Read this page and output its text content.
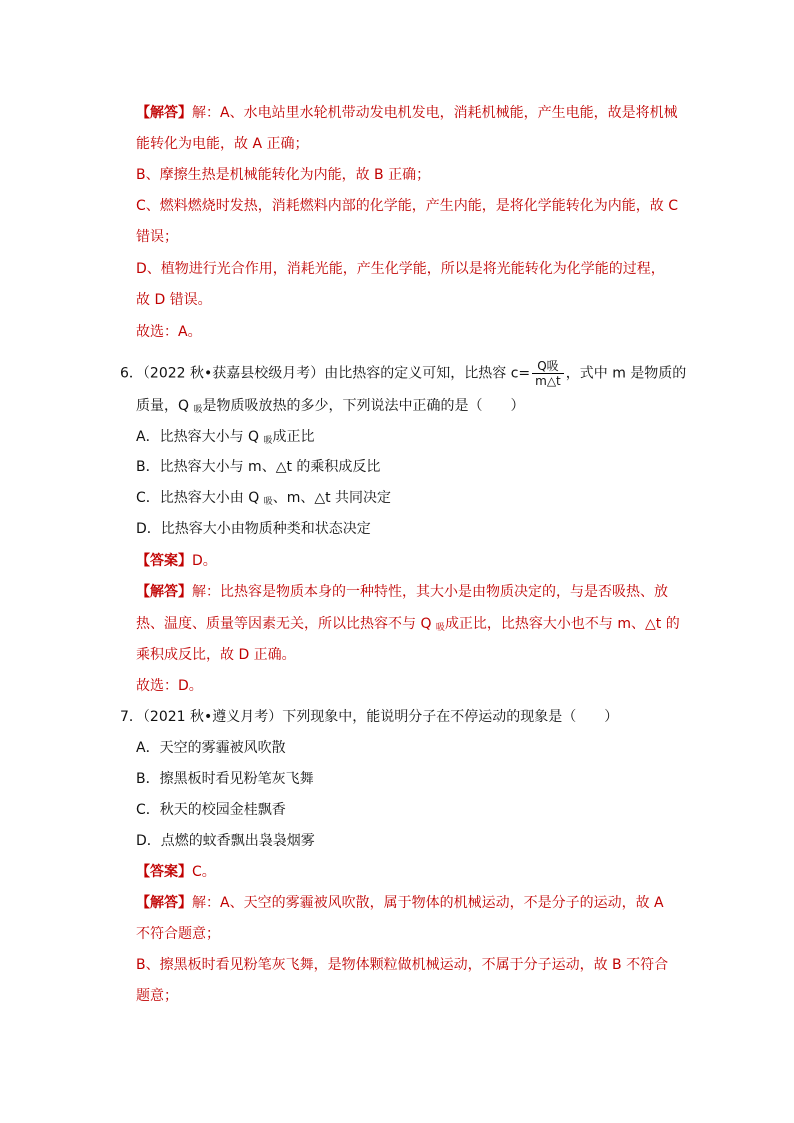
【解答】解：A、水电站里水轮机带动发电机发电，消耗机械能，产生电能，故是将机械
能转化为电能，故 A 正确；
B、摩擦生热是机械能转化为内能，故 B 正确；
C、燃料燃烧时发热，消耗燃料内部的化学能，产生内能，是将化学能转化为内能，故 C
错误；
D、植物进行光合作用，消耗光能，产生化学能，所以是将光能转化为化学能的过程，
故 D 错误。
故选：A。
6．（2022 秋•获嘉县校级月考）由比热容的定义可知，比热容 $c= \frac{\text{Q吸}}{m\triangle t}$ ，式中 m 是物质的
质量，Q $_吸$是物质吸放热的多少，下列说法中正确的是（　　）
A．比热容大小与 Q $_吸$成正比
B．比热容大小与 m、△t 的乘积成反比
C．比热容大小由 Q $_吸$、m、△t 共同决定
D．比热容大小由物质种类和状态决定
【答案】D。
【解答】解：比热容是物质本身的一种特性，其大小是由物质决定的，与是否吸热、放
热、温度、质量等因素无关，所以比热容不与 Q $_吸$成正比，比热容大小也不与 m、△t 的
乘积成反比，故 D 正确。
故选：D。
7．（2021 秋•遵义月考）下列现象中，能说明分子在不停运动的现象是（　　）
A．天空的雾霾被风吹散
B．擦黑板时看见粉笔灰飞舞
C．秋天的校园金桂飘香
D．点燃的蚊香飘出袅袅烟雾
【答案】C。
【解答】解：A、天空的雾霾被风吹散，属于物体的机械运动，不是分子的运动，故 A
不符合题意；
B、擦黑板时看见粉笔灰飞舞，是物体颗粒做机械运动，不属于分子运动，故 B 不符合
题意；
